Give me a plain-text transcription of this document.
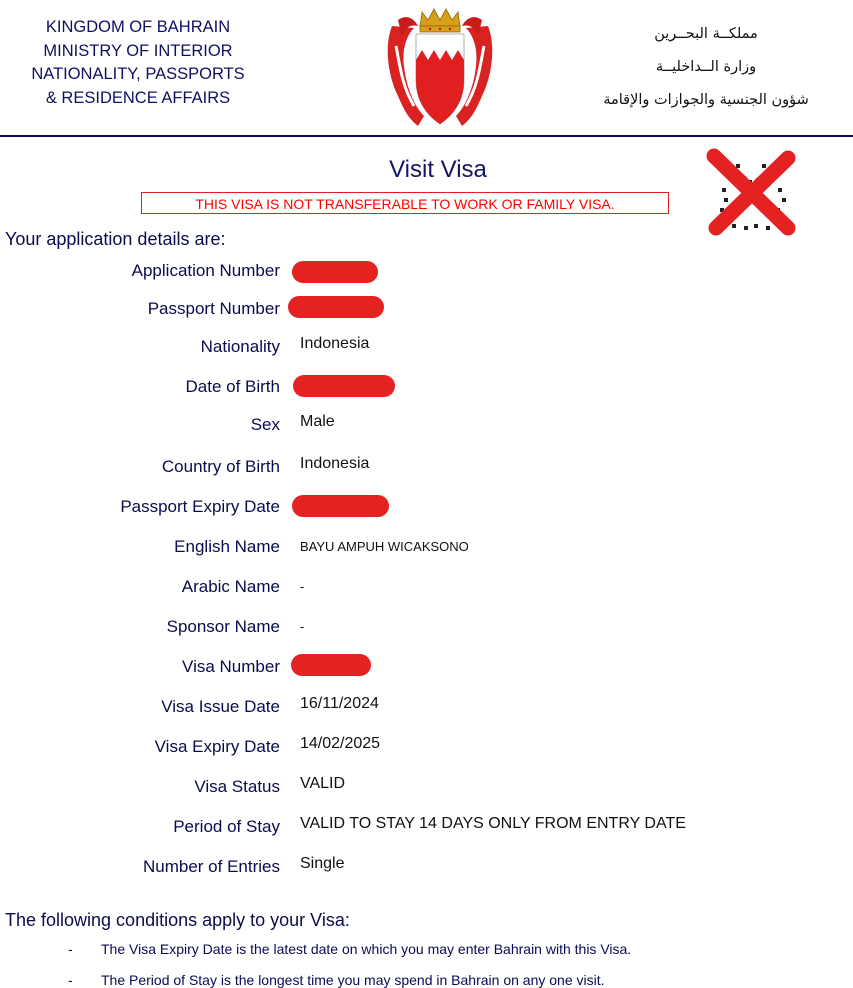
KINGDOM OF BAHRAIN
MINISTRY OF INTERIOR
NATIONALITY, PASSPORTS
& RESIDENCE AFFAIRS
مملكــة البحــرين
وزارة الــداخليــة
شؤون الجنسية والجوازات والإقامة
Visit Visa
THIS VISA IS NOT TRANSFERABLE TO WORK OR FAMILY VISA.
Your application details are:
Application Number
Passport Number
Nationality Indonesia
Date of Birth
Sex Male
Country of Birth Indonesia
Passport Expiry Date
English Name BAYU AMPUH WICAKSONO
Arabic Name -
Sponsor Name -
Visa Number
Visa Issue Date 16/11/2024
Visa Expiry Date 14/02/2025
Visa Status VALID
Period of Stay VALID TO STAY 14 DAYS ONLY FROM ENTRY DATE
Number of Entries Single
The following conditions apply to your Visa:
- The Visa Expiry Date is the latest date on which you may enter Bahrain with this Visa.
- The Period of Stay is the longest time you may spend in Bahrain on any one visit.
